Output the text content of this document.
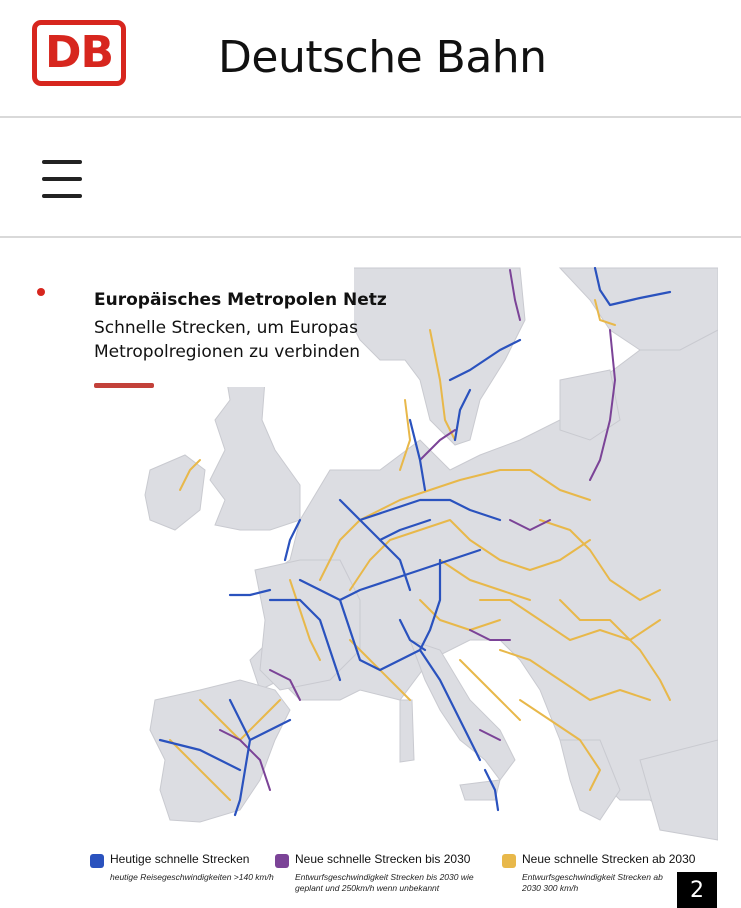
DB Deutsche Bahn
Europäisches Metropolen Netz
Schnelle Strecken, um Europas Metropolregionen zu verbinden
Heutige schnelle Strecken
heutige Reisegeschwindigkeiten >140 km/h
Neue schnelle Strecken bis 2030
Entwurfsgeschwindigkeit Strecken bis 2030 wie geplant und 250km/h wenn unbekannt
Neue schnelle Strecken ab 2030
Entwurfsgeschwindigkeit Strecken ab 2030 300 km/h	2
